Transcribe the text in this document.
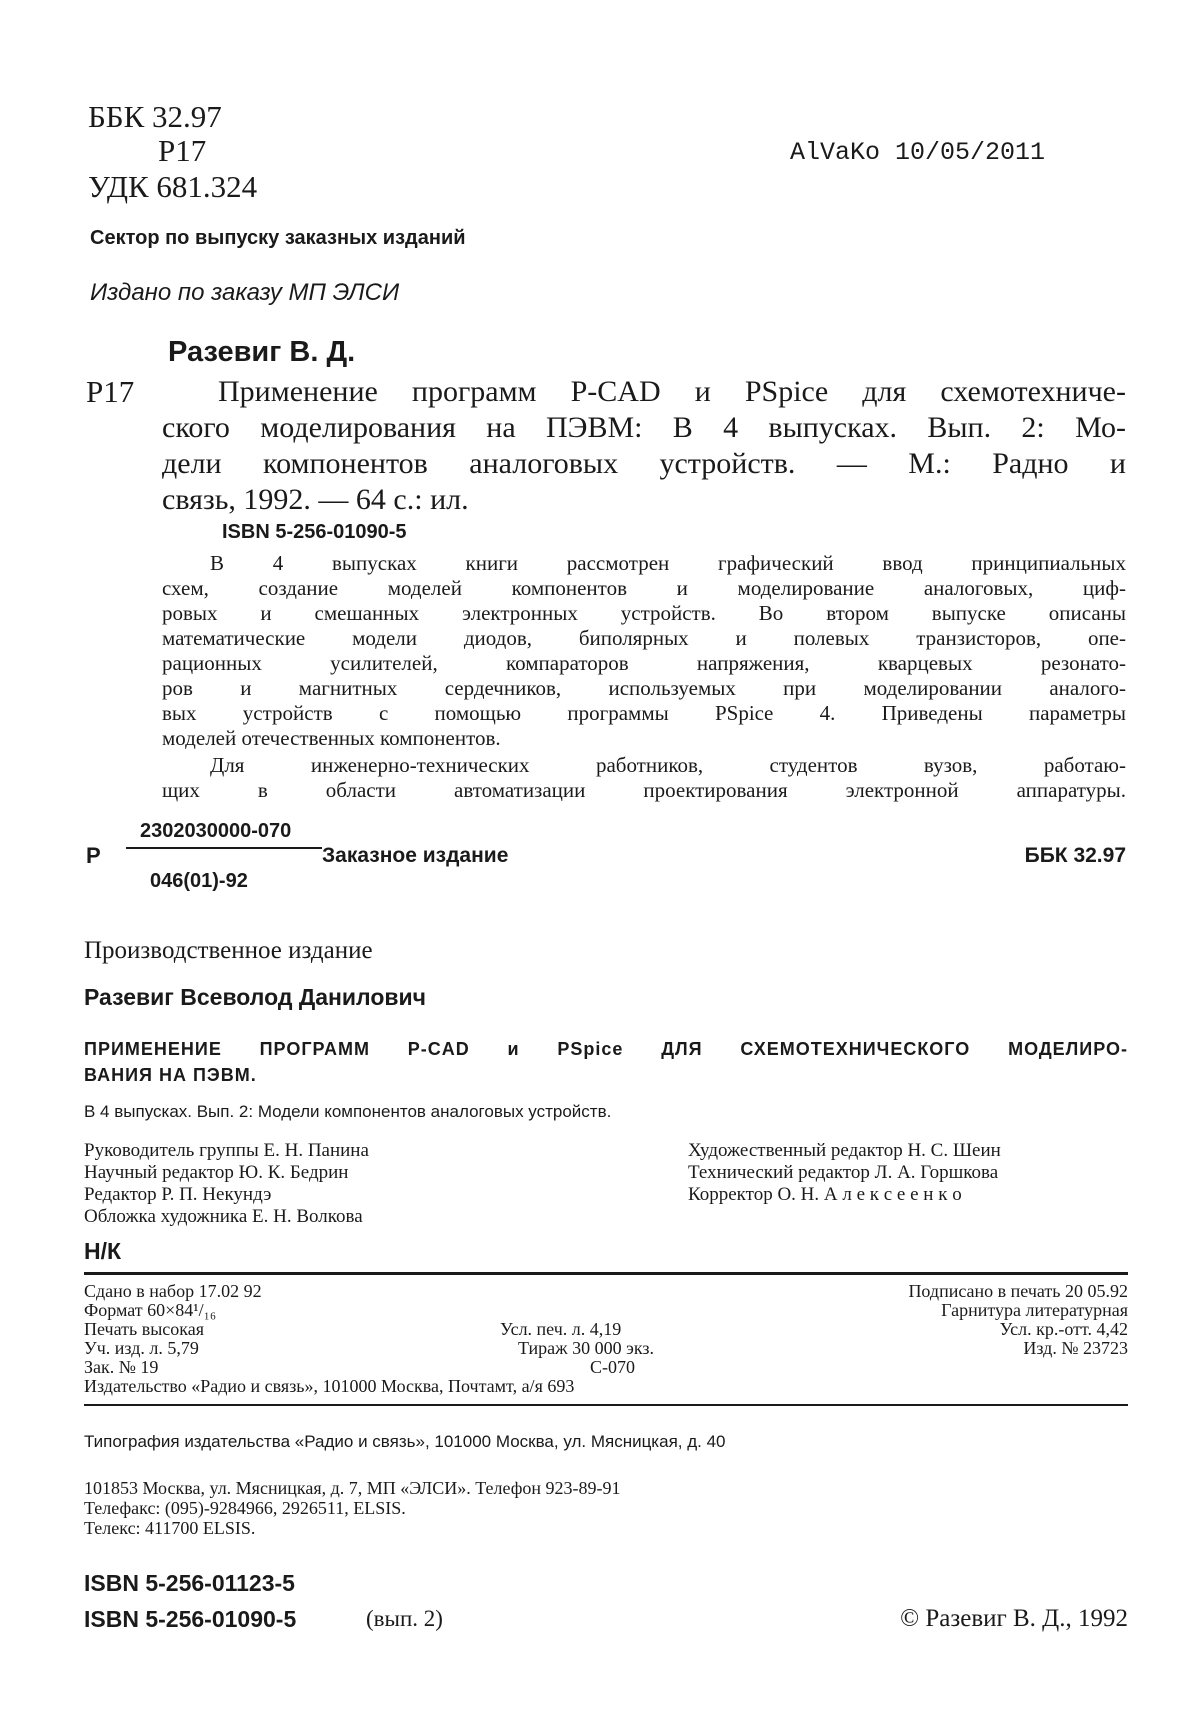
ББК 32.97
Р17
УДК 681.324
AlVaKo 10/05/2011
Сектор по выпуску заказных изданий
Издано по заказу МП ЭЛСИ
Разевиг В. Д.
Р17	Применение программ P-CAD и PSpice для схемотехниче-
ского моделирования на ПЭВМ: В 4 выпусках. Вып. 2: Мо-
дели компонентов аналоговых устройств. — М.: Радно и
связь, 1992. — 64 с.: ил.
ISBN 5-256-01090-5
В 4 выпусках книги рассмотрен графический ввод принципиальных
схем, создание моделей компонентов и моделирование аналоговых, циф-
ровых и смешанных электронных устройств. Во втором выпуске описаны
математические модели диодов, биполярных и полевых транзисторов, опе-
рационных усилителей, компараторов напряжения, кварцевых резонато-
ров и магнитных сердечников, используемых при моделировании аналого-
вых устройств с помощью программы PSpice 4. Приведены параметры
моделей отечественных компонентов.
Для инженерно-технических работников, студентов вузов, работаю-
щих в области автоматизации проектирования электронной аппаратуры.
Р
2302030000-070
046(01)-92
Заказное издание	ББК 32.97
Производственное издание
Разевиг Всеволод Данилович
ПРИМЕНЕНИЕ ПРОГРАММ P-CAD и PSpice ДЛЯ СХЕМОТЕХНИЧЕСКОГО МОДЕЛИРО-
ВАНИЯ НА ПЭВМ.
В 4 выпусках. Вып. 2: Модели компонентов аналоговых устройств.
Руководитель группы Е. Н. Панина
Научный редактор Ю. К. Бедрин
Редактор Р. П. Некундэ
Обложка художника Е. Н. Волкова
Художественный редактор Н. С. Шеин
Технический редактор Л. А. Горшкова
Корректор О. Н. А л е к с е е н к о
Н/К
Сдано в набор 17.02 92	Подписано в печать 20 05.92
Формат 60×84¹/₁₆	Гарнитура литературная
Печать высокая	Усл. печ. л. 4,19	Усл. кр.-отт. 4,42
Уч. изд. л. 5,79	Тираж 30 000 экз.	Изд. № 23723
Зак. № 19	С-070
Издательство «Радио и связь», 101000 Москва, Почтамт, а/я 693
Типография издательства «Радио и связь», 101000 Москва, ул. Мясницкая, д. 40
101853 Москва, ул. Мясницкая, д. 7, МП «ЭЛСИ». Телефон 923-89-91
Телефакс: (095)-9284966, 2926511, ELSIS.
Телекс: 411700 ELSIS.
ISBN 5-256-01123-5
ISBN 5-256-01090-5	(вып. 2)	© Разевиг В. Д., 1992
